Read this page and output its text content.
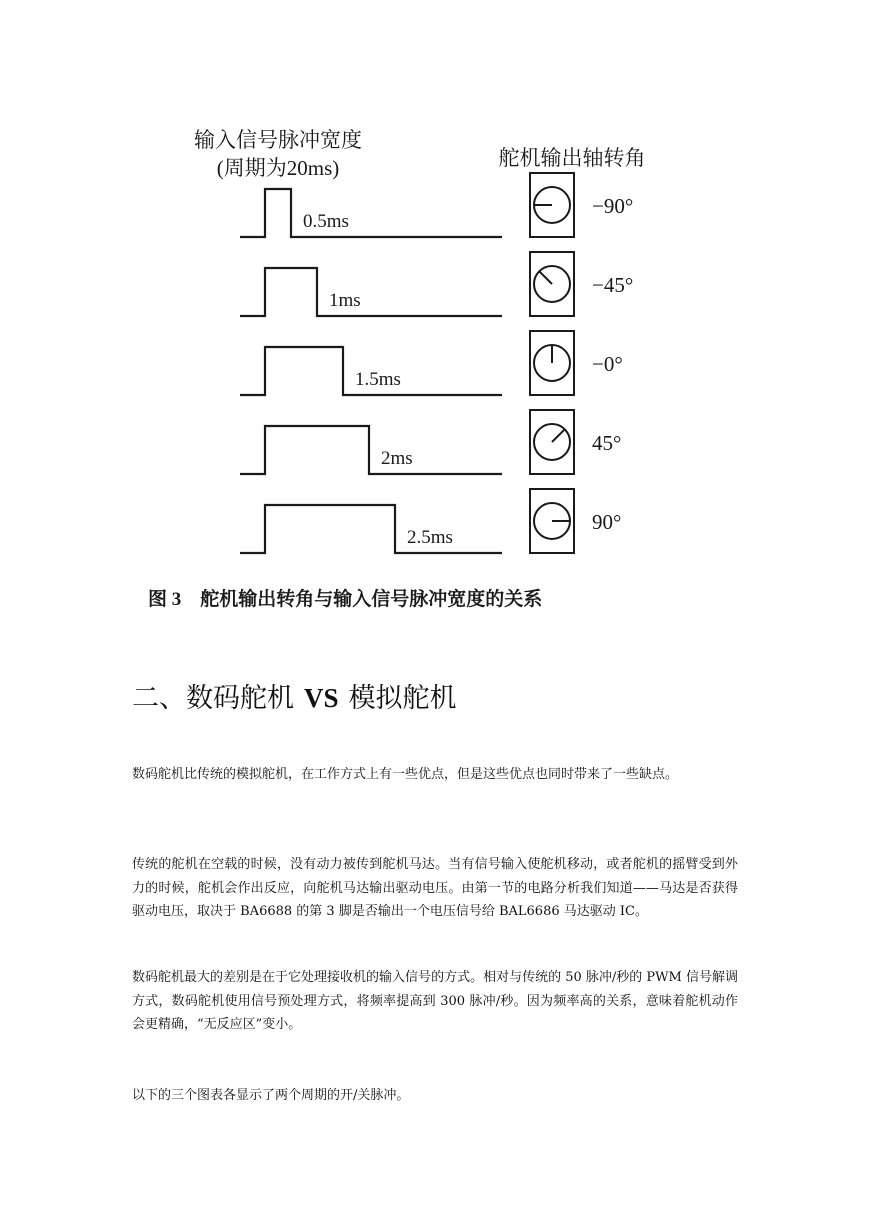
输入信号脉冲宽度
(周期为20ms)	舵机输出轴转角
0.5ms
−90°
1ms
−45°
1.5ms
−0°
2ms
45°
2.5ms
90°
图 3　舵机输出转角与输入信号脉冲宽度的关系
二、数码舵机 VS 模拟舵机

数码舵机比传统的模拟舵机，在工作方式上有一些优点，但是这些优点也同时带来了一些缺点。

传统的舵机在空载的时候，没有动力被传到舵机马达。当有信号输入使舵机移动，或者舵机的摇臂受到外力的时候，舵机会作出反应，向舵机马达输出驱动电压。由第一节的电路分析我们知道——马达是否获得驱动电压，取决于 BA6688 的第 3 脚是否输出一个电压信号给 BAL6686 马达驱动 IC。

数码舵机最大的差别是在于它处理接收机的输入信号的方式。相对与传统的 50 脉冲/秒的 PWM 信号解调方式，数码舵机使用信号预处理方式，将频率提高到 300 脉冲/秒。因为频率高的关系，意味着舵机动作会更精确，“无反应区”变小。

以下的三个图表各显示了两个周期的开/关脉冲。
